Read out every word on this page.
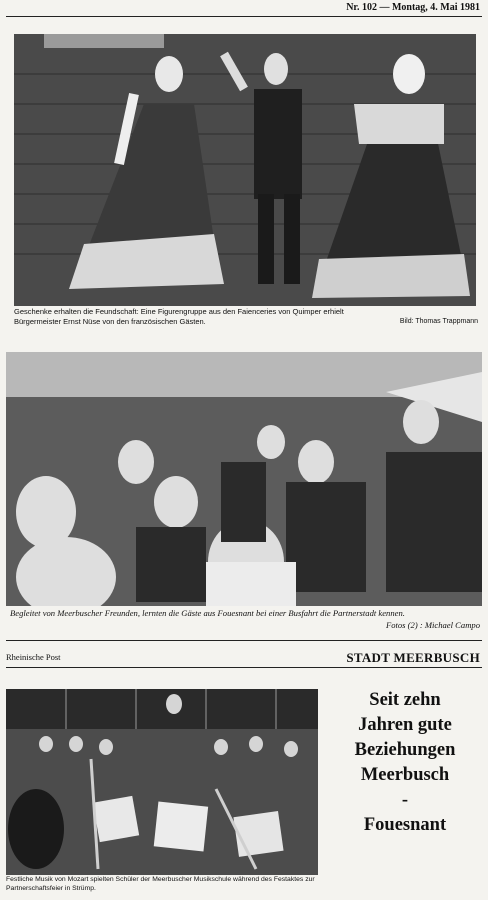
Nr. 102 — Montag, 4. Mai 1981
Geschenke erhalten die Feundschaft: Eine Figurengruppe aus den Faienceries von Quimper erhielt Bürgermeister Ernst Nüse von den französischen Gästen.	Bild: Thomas Trappmann
Begleitet von Meerbuscher Freunden, lernten die Gäste aus Fouesnant bei einer Busfahrt die Partnerstadt kennen.
Fotos (2) : Michael Campo
Rheinische Post	STADT MEERBUSCH
Festliche Musik von Mozart spielten Schüler der Meerbuscher Musikschule während des Festaktes zur Partnerschaftsfeier in Strümp.
Seit zehn
Jahren gute
Beziehungen
Meerbusch
-
Fouesnant
